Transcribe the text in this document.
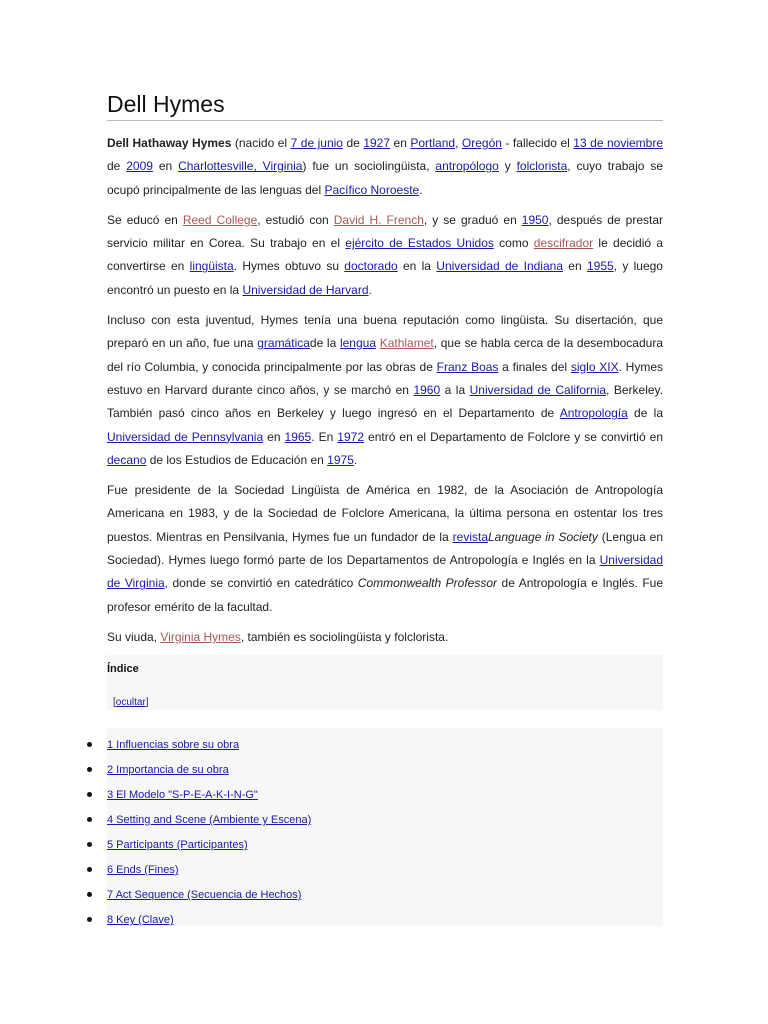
Dell Hymes

Dell Hathaway Hymes (nacido el 7 de junio de 1927 en Portland, Oregón - fallecido el 13 de noviembre de 2009 en Charlottesville, Virginia) fue un sociolingüista, antropólogo y folclorista, cuyo trabajo se ocupó principalmente de las lenguas del Pacífico Noroeste.

Se educó en Reed College, estudió con David H. French, y se graduó en 1950, después de prestar servicio militar en Corea. Su trabajo en el ejército de Estados Unidos como descifrador le decidió a convertirse en lingüista. Hymes obtuvo su doctorado en la Universidad de Indiana en 1955, y luego encontró un puesto en la Universidad de Harvard.

Incluso con esta juventud, Hymes tenía una buena reputación como lingüista. Su disertación, que preparó en un año, fue una gramáticade la lengua Kathlamet, que se habla cerca de la desembocadura del río Columbia, y conocida principalmente por las obras de Franz Boas a finales del siglo XIX. Hymes estuvo en Harvard durante cinco años, y se marchó en 1960 a la Universidad de California, Berkeley. También pasó cinco años en Berkeley y luego ingresó en el Departamento de Antropología de la Universidad de Pennsylvania en 1965. En 1972 entró en el Departamento de Folclore y se convirtió en decano de los Estudios de Educación en 1975.

Fue presidente de la Sociedad Lingüista de América en 1982, de la Asociación de Antropología Americana en 1983, y de la Sociedad de Folclore Americana, la última persona en ostentar los tres puestos. Mientras en Pensilvania, Hymes fue un fundador de la revistaLanguage in Society (Lengua en Sociedad). Hymes luego formó parte de los Departamentos de Antropología e Inglés en la Universidad de Virginia, donde se convirtió en catedrático Commonwealth Professor de Antropología e Inglés. Fue profesor emérito de la facultad.

Su viuda, Virginia Hymes, también es sociolingüista y folclorista.

Índice
[ocultar]
1 Influencias sobre su obra
2 Importancia de su obra
3 El Modelo "S-P-E-A-K-I-N-G"
4 Setting and Scene (Ambiente y Escena)
5 Participants (Participantes)
6 Ends (Fines)
7 Act Sequence (Secuencia de Hechos)
8 Key (Clave)
